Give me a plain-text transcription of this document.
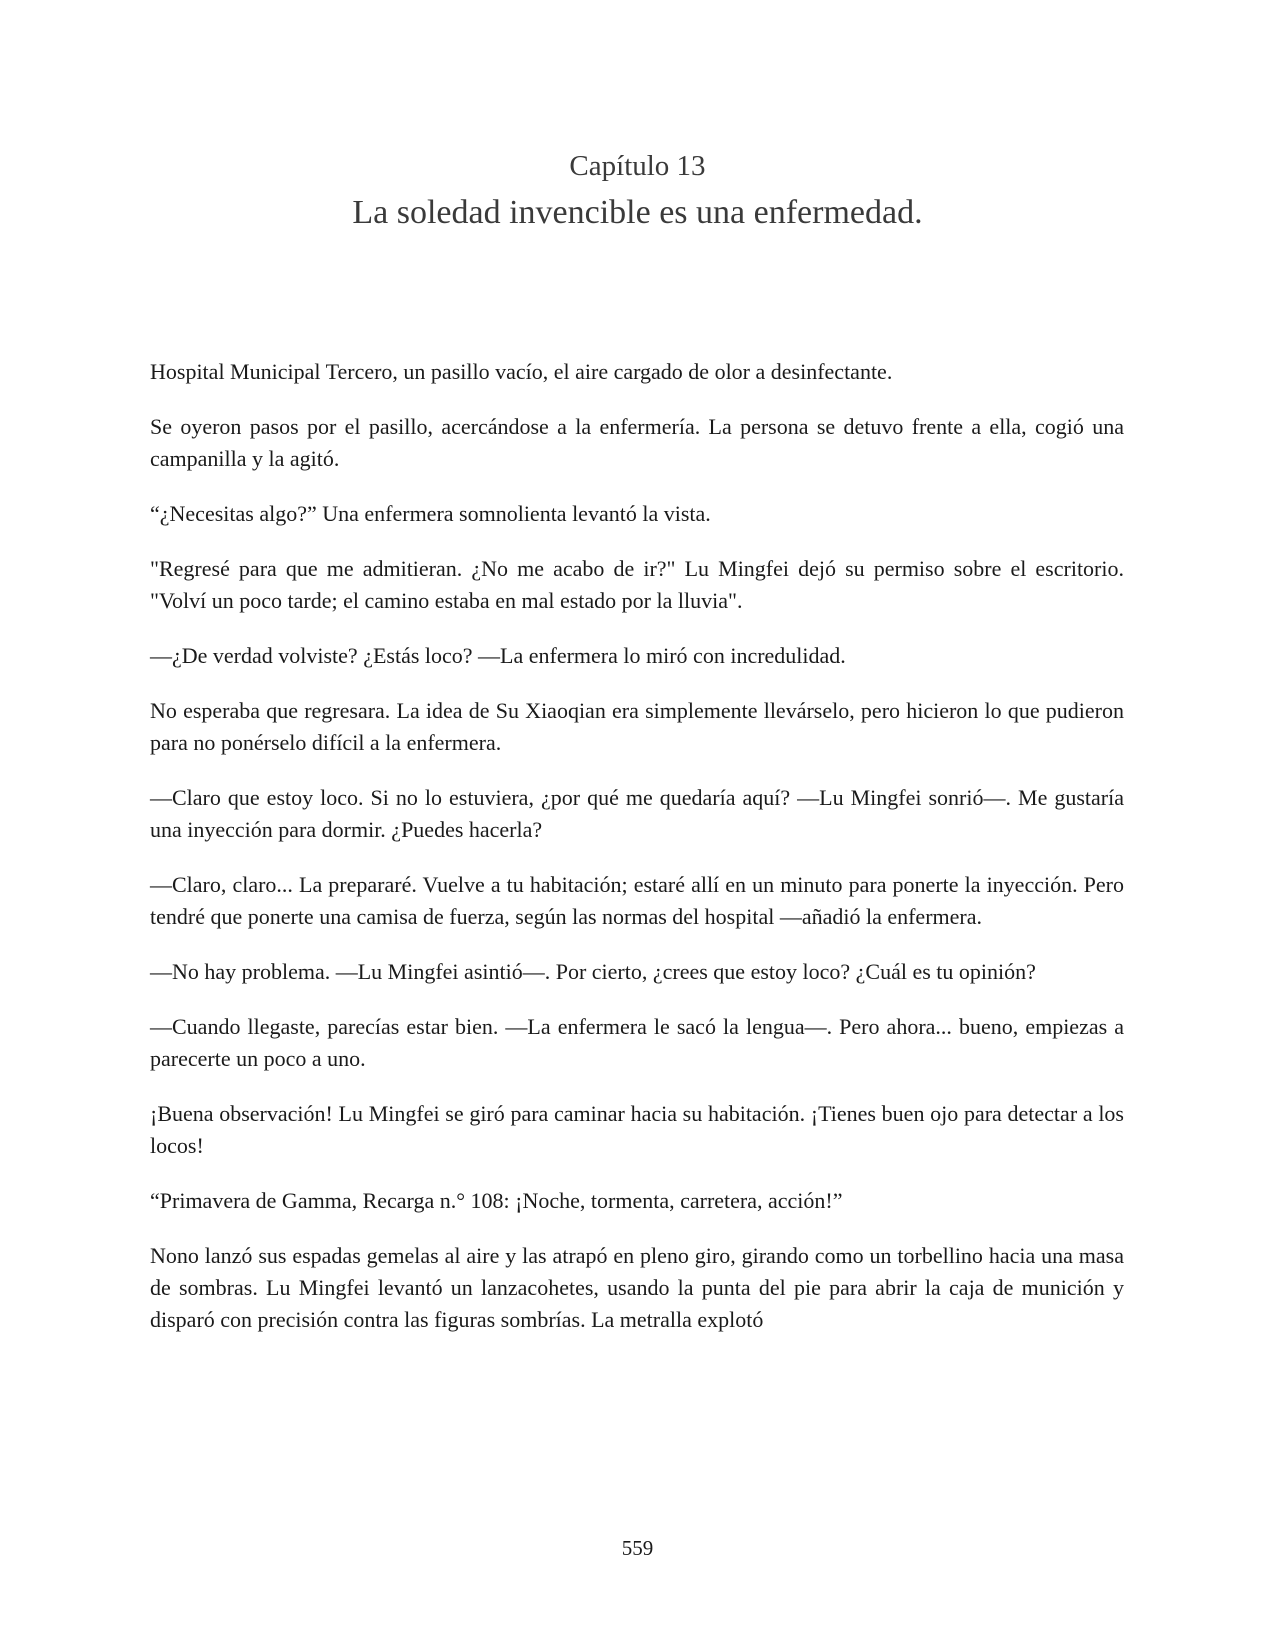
Capítulo 13
La soledad invencible es una enfermedad.

Hospital Municipal Tercero, un pasillo vacío, el aire cargado de olor a desinfectante.

Se oyeron pasos por el pasillo, acercándose a la enfermería. La persona se detuvo frente a ella, cogió una campanilla y la agitó.

“¿Necesitas algo?” Una enfermera somnolienta levantó la vista.

"Regresé para que me admitieran. ¿No me acabo de ir?" Lu Mingfei dejó su permiso sobre el escritorio. "Volví un poco tarde; el camino estaba en mal estado por la lluvia".

—¿De verdad volviste? ¿Estás loco? —La enfermera lo miró con incredulidad.

No esperaba que regresara. La idea de Su Xiaoqian era simplemente llevárselo, pero hicieron lo que pudieron para no ponérselo difícil a la enfermera.

—Claro que estoy loco. Si no lo estuviera, ¿por qué me quedaría aquí? —Lu Mingfei sonrió—. Me gustaría una inyección para dormir. ¿Puedes hacerla?

—Claro, claro... La prepararé. Vuelve a tu habitación; estaré allí en un minuto para ponerte la inyección. Pero tendré que ponerte una camisa de fuerza, según las normas del hospital —añadió la enfermera.

—No hay problema. —Lu Mingfei asintió—. Por cierto, ¿crees que estoy loco? ¿Cuál es tu opinión?

—Cuando llegaste, parecías estar bien. —La enfermera le sacó la lengua—. Pero ahora... bueno, empiezas a parecerte un poco a uno.

¡Buena observación! Lu Mingfei se giró para caminar hacia su habitación. ¡Tienes buen ojo para detectar a los locos!

“Primavera de Gamma, Recarga n.° 108: ¡Noche, tormenta, carretera, acción!”

Nono lanzó sus espadas gemelas al aire y las atrapó en pleno giro, girando como un torbellino hacia una masa de sombras. Lu Mingfei levantó un lanzacohetes, usando la punta del pie para abrir la caja de munición y disparó con precisión contra las figuras sombrías. La metralla explotó

559
